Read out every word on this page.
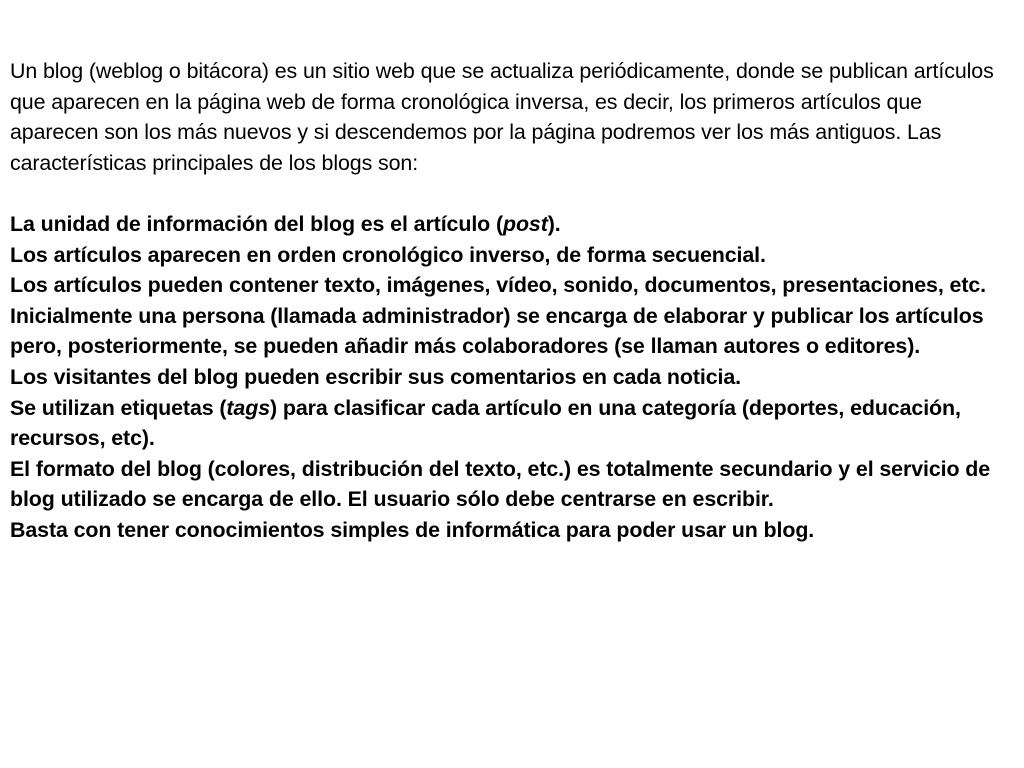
Un blog (weblog o bitácora) es un sitio web que se actualiza periódicamente, donde se publican artículos que aparecen en la página web de forma cronológica inversa, es decir, los primeros artículos que aparecen son los más nuevos y si descendemos por la página podremos ver los más antiguos. Las características principales de los blogs son:

La unidad de información del blog es el artículo (post).
Los artículos aparecen en orden cronológico inverso, de forma secuencial.
Los artículos pueden contener texto, imágenes, vídeo, sonido, documentos, presentaciones, etc.
Inicialmente una persona (llamada administrador) se encarga de elaborar y publicar los artículos pero, posteriormente, se pueden añadir más colaboradores (se llaman autores o editores).
Los visitantes del blog pueden escribir sus comentarios en cada noticia.
Se utilizan etiquetas (tags) para clasificar cada artículo en una categoría (deportes, educación, recursos, etc).
El formato del blog (colores, distribución del texto, etc.) es totalmente secundario y el servicio de blog utilizado se encarga de ello. El usuario sólo debe centrarse en escribir.
Basta con tener conocimientos simples de informática para poder usar un blog.
